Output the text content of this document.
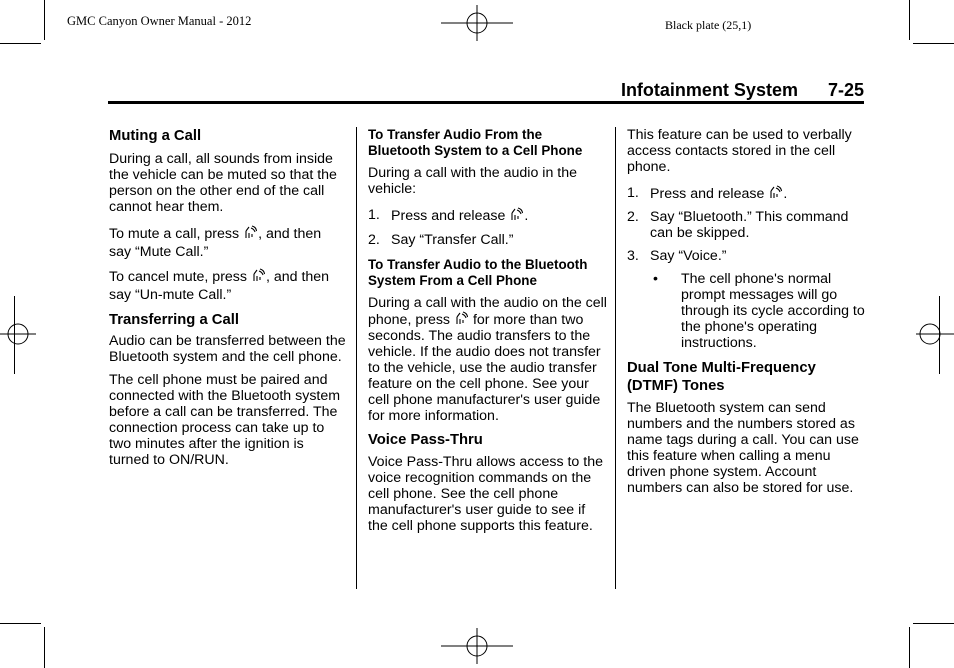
GMC Canyon Owner Manual - 2012	Black plate (25,1)
Infotainment System 7-25

Muting a Call

During a call, all sounds from inside the vehicle can be muted so that the person on the other end of the call cannot hear them.

To mute a call, press , and then say “Mute Call.”

To cancel mute, press , and then say “Un-mute Call.”

Transferring a Call

Audio can be transferred between the Bluetooth system and the cell phone.

The cell phone must be paired and connected with the Bluetooth system before a call can be transferred. The connection process can take up to two minutes after the ignition is turned to ON/RUN.

To Transfer Audio From the Bluetooth System to a Cell Phone

During a call with the audio in the vehicle:

1. Press and release .
2. Say “Transfer Call.”

To Transfer Audio to the Bluetooth System From a Cell Phone

During a call with the audio on the cell phone, press for more than two seconds. The audio transfers to the vehicle. If the audio does not transfer to the vehicle, use the audio transfer feature on the cell phone. See your cell phone manufacturer's user guide for more information.

Voice Pass-Thru

Voice Pass-Thru allows access to the voice recognition commands on the cell phone. See the cell phone manufacturer's user guide to see if the cell phone supports this feature.

This feature can be used to verbally access contacts stored in the cell phone.

1. Press and release .
2. Say “Bluetooth.” This command can be skipped.
3. Say “Voice.”
•	The cell phone's normal prompt messages will go through its cycle according to the phone's operating instructions.

Dual Tone Multi-Frequency (DTMF) Tones

The Bluetooth system can send numbers and the numbers stored as name tags during a call. You can use this feature when calling a menu driven phone system. Account numbers can also be stored for use.
